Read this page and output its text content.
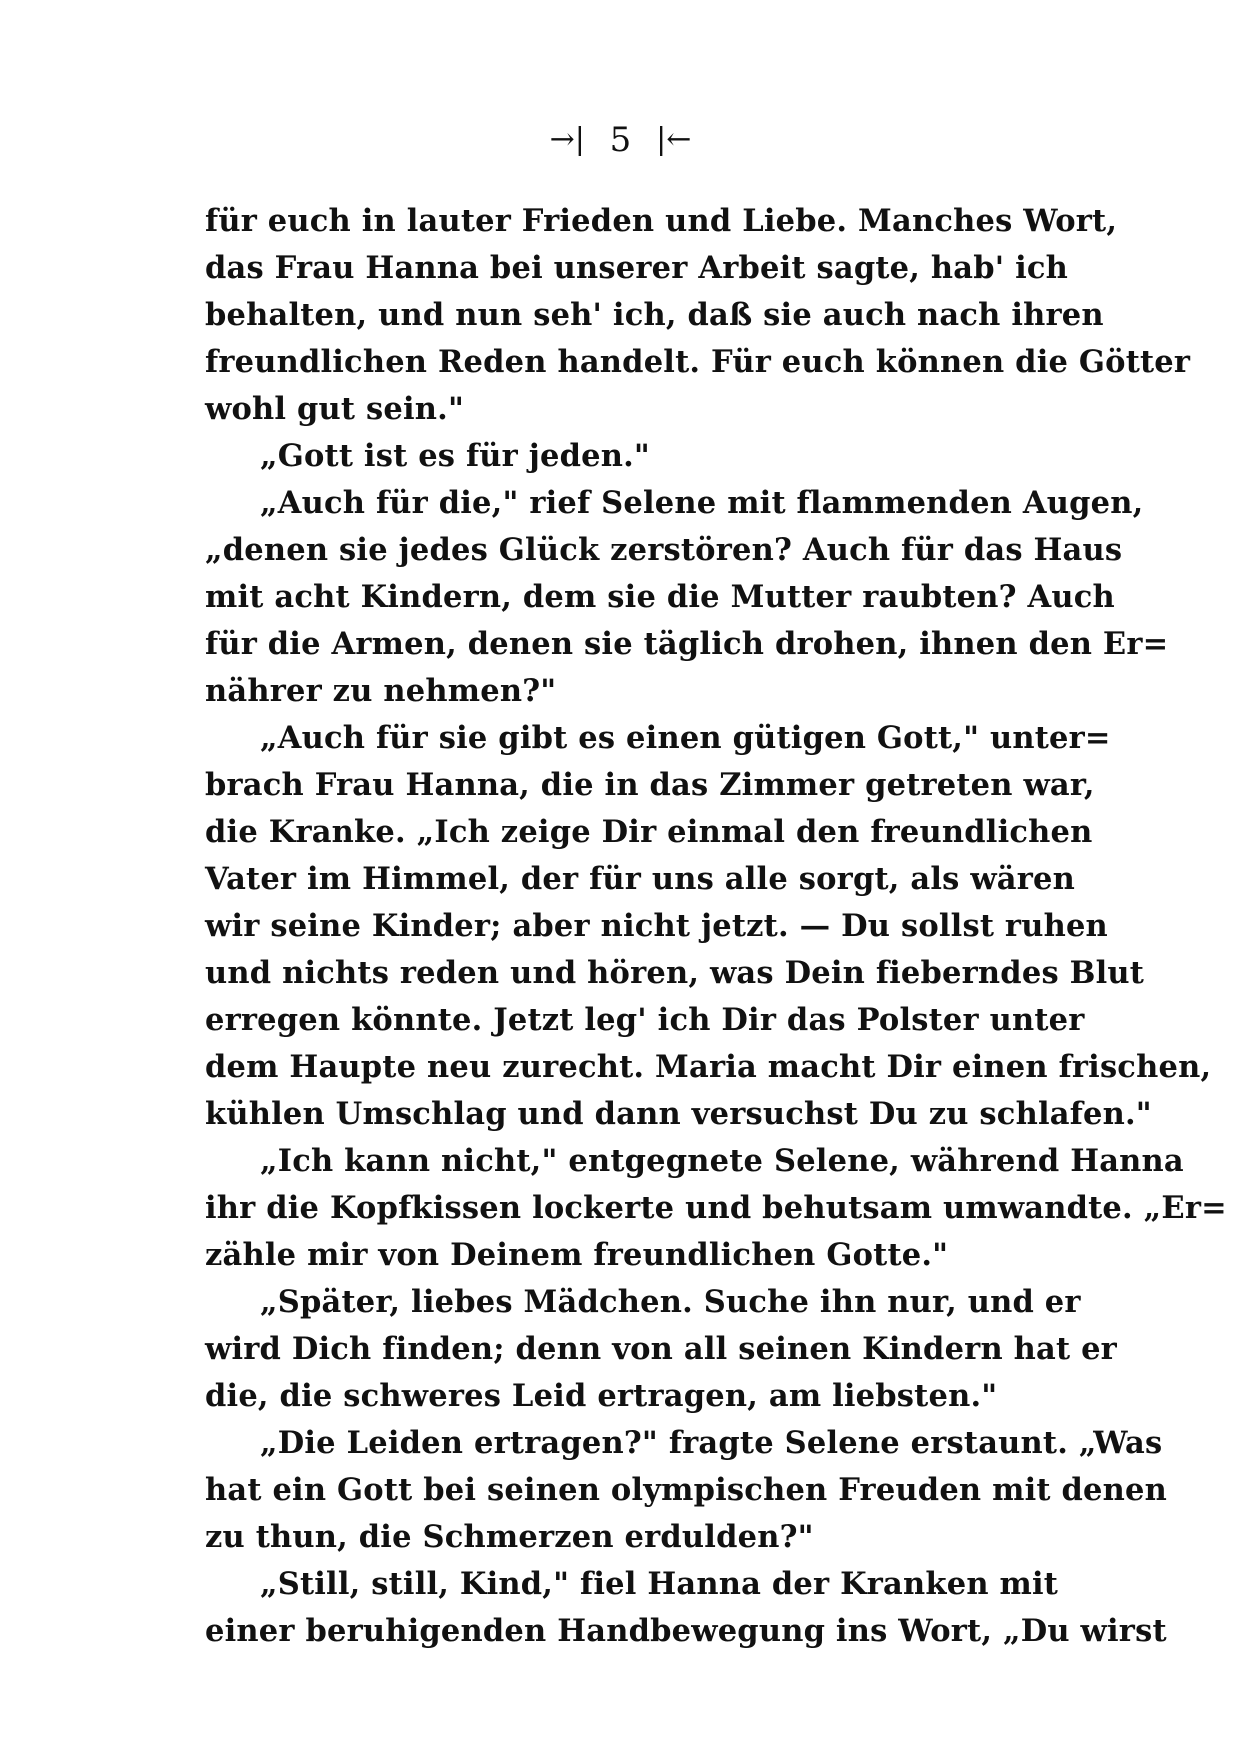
→| 5 |←
für euch in lauter Frieden und Liebe. Manches Wort,
das Frau Hanna bei unserer Arbeit sagte, hab' ich
behalten, und nun seh' ich, daß sie auch nach ihren
freundlichen Reden handelt. Für euch können die Götter
wohl gut sein."
„Gott ist es für jeden."
„Auch für die," rief Selene mit flammenden Augen,
„denen sie jedes Glück zerstören? Auch für das Haus
mit acht Kindern, dem sie die Mutter raubten? Auch
für die Armen, denen sie täglich drohen, ihnen den Er=
nährer zu nehmen?"
„Auch für sie gibt es einen gütigen Gott," unter=
brach Frau Hanna, die in das Zimmer getreten war,
die Kranke. „Ich zeige Dir einmal den freundlichen
Vater im Himmel, der für uns alle sorgt, als wären
wir seine Kinder; aber nicht jetzt. — Du sollst ruhen
und nichts reden und hören, was Dein fieberndes Blut
erregen könnte. Jetzt leg' ich Dir das Polster unter
dem Haupte neu zurecht. Maria macht Dir einen frischen,
kühlen Umschlag und dann versuchst Du zu schlafen."
„Ich kann nicht," entgegnete Selene, während Hanna
ihr die Kopfkissen lockerte und behutsam umwandte. „Er=
zähle mir von Deinem freundlichen Gotte."
„Später, liebes Mädchen. Suche ihn nur, und er
wird Dich finden; denn von all seinen Kindern hat er
die, die schweres Leid ertragen, am liebsten."
„Die Leiden ertragen?" fragte Selene erstaunt. „Was
hat ein Gott bei seinen olympischen Freuden mit denen
zu thun, die Schmerzen erdulden?"
„Still, still, Kind," fiel Hanna der Kranken mit
einer beruhigenden Handbewegung ins Wort, „Du wirst
